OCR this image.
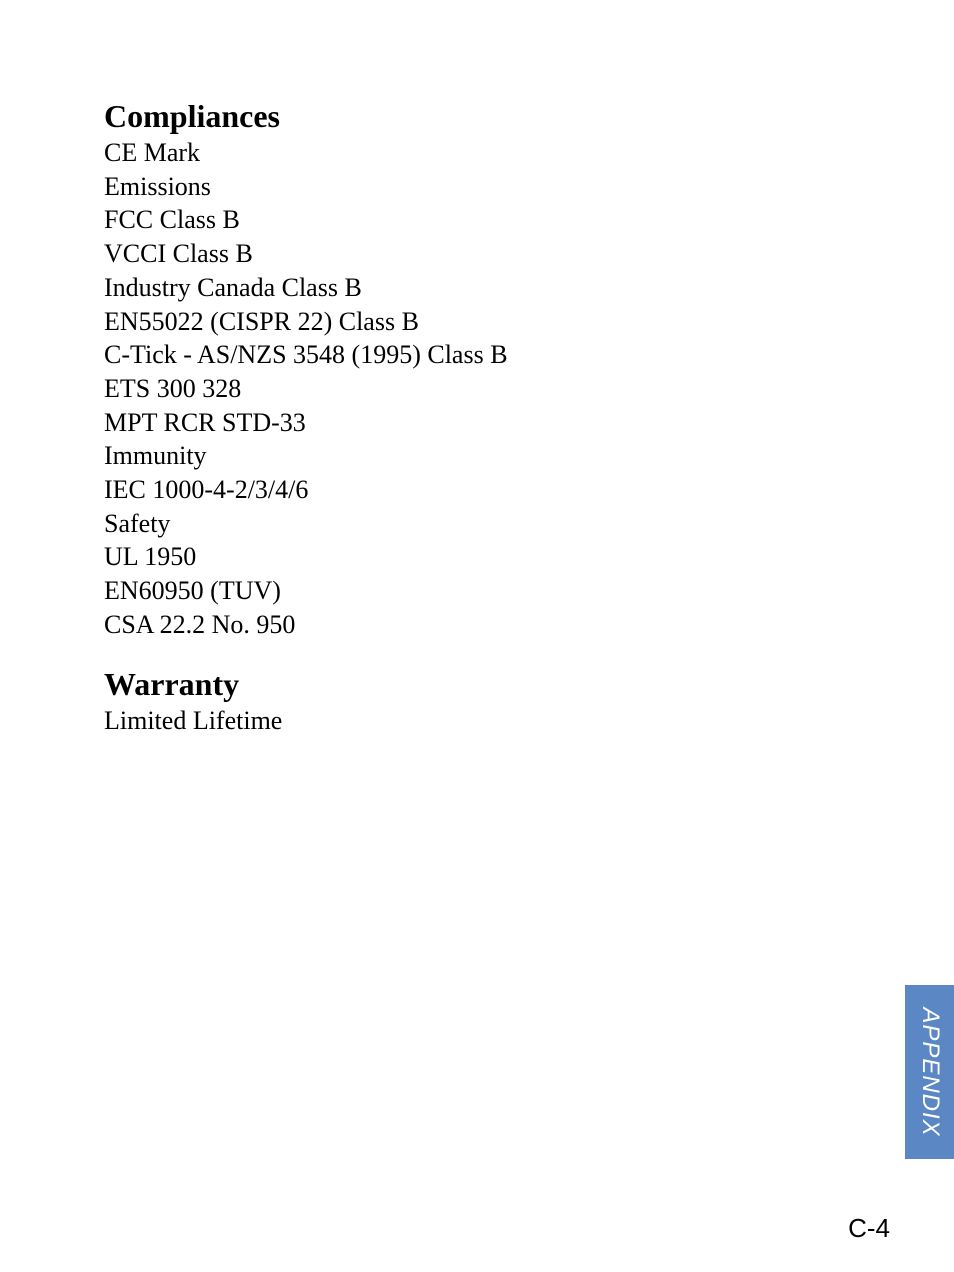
Compliances
CE Mark
Emissions
FCC Class B
VCCI Class B
Industry Canada Class B
EN55022 (CISPR 22) Class B
C-Tick - AS/NZS 3548 (1995) Class B
ETS 300 328
MPT RCR STD-33
Immunity
IEC 1000-4-2/3/4/6
Safety
UL 1950
EN60950 (TUV)
CSA 22.2 No. 950
Warranty
Limited Lifetime
APPENDIX
C-4
